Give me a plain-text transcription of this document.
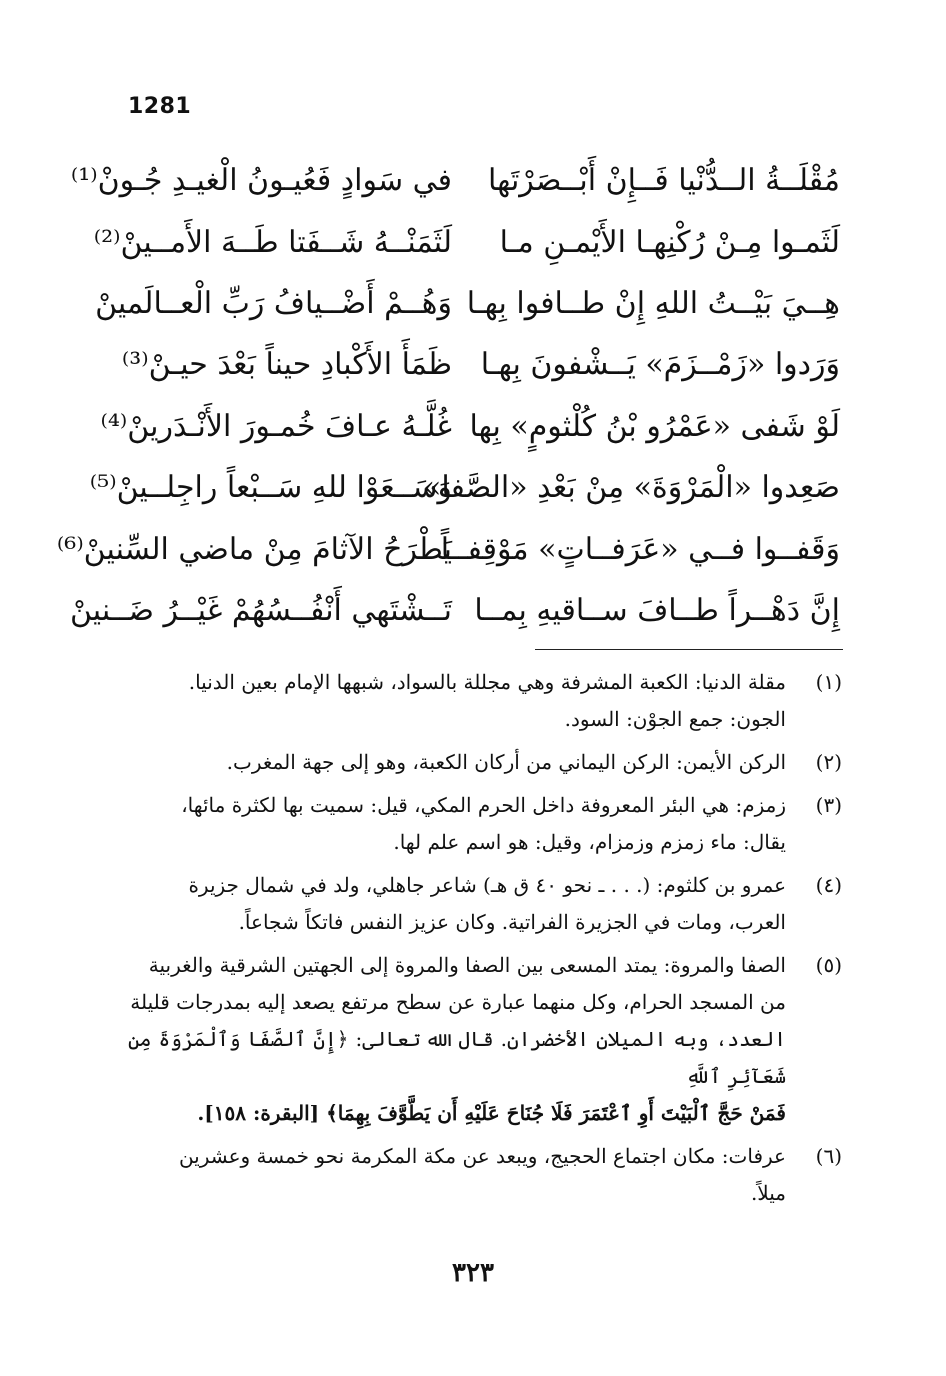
1281
مُقْلَــةُ الــدُّنْيا فَــإِنْ أَبْــصَرْتَها
في سَوادٍ فَعُيـونُ الْغيـدِ جُـونْ⁽¹⁾
لَثَمـوا مِـنْ رُكْنِهـا الأَيْمـنِ مـا
لَثَمَنْــهُ شَــفَتا طَــهَ الأَمــينْ⁽²⁾
هِــيَ بَيْــتُ اللهِ إِنْ طــافوا بِهـا
وَهُــمْ أَضْــيافُ رَبِّ الْعــالَمينْ
وَرَدوا «زَمْــزَمَ» يَــشْفونَ بِهـا
ظَمَأَ الأَكْبادِ حيناً بَعْدَ حيـنْ⁽³⁾
لَوْ شَفى «عَمْرُو بْنُ كُلْثومٍ» بِها
غُلَّـهُ عـافَ خُمـورَ الأَنْـدَرينْ⁽⁴⁾
صَعِدوا «الْمَرْوَةَ» مِنْ بَعْدِ «الصَّفا»
وَسَــعَوْا للهِ سَــبْعاً راجِلــينْ⁽⁵⁾
وَقَفــوا فــي «عَرَفــاتٍ» مَوْقِفــاً
يَطْرَحُ الآثامَ مِنْ ماضي السِّنينْ⁽⁶⁾
إِنَّ دَهْــراً طــافَ ســاقيهِ بِمــا
تَــشْتَهي أَنْفُــسُهُمْ غَيْــرُ ضَــنينْ
(١)
مقلة الدنيا: الكعبة المشرفة وهي مجللة بالسواد، شبهها الإمام بعين الدنيا.
الجون: جمع الجوْن: السود.
(٢)
الركن الأيمن: الركن اليماني من أركان الكعبة، وهو إلى جهة المغرب.
(٣)
زمزم: هي البئر المعروفة داخل الحرم المكي، قيل: سميت بها لكثرة مائها،
يقال: ماء زمزم وزمزام، وقيل: هو اسم علم لها.
(٤)
عمرو بن كلثوم: (. . . ـ نحو ٤٠ ق هـ) شاعر جاهلي، ولد في شمال جزيرة
العرب، ومات في الجزيرة الفراتية. وكان عزيز النفس فاتكاً شجاعاً.
(٥)
الصفا والمروة: يمتد المسعى بين الصفا والمروة إلى الجهتين الشرقية والغربية
من المسجد الحرام، وكل منهما عبارة عن سطح مرتفع يصعد إليه بمدرجات قليلة
العدد، وبه الميلان الأخضران. قال الله تعالى: ﴿إِنَّ ٱلصَّفَا وَٱلْمَرْوَةَ مِن شَعَآئِرِ ٱللَّهِ
فَمَنْ حَجَّ ٱلْبَيْتَ أَوِ ٱعْتَمَرَ فَلَا جُنَاحَ عَلَيْهِ أَن يَطَّوَّفَ بِهِمَا﴾ [البقرة: ١٥٨].
(٦)
عرفات: مكان اجتماع الحجيج، ويبعد عن مكة المكرمة نحو خمسة وعشرين
ميلاً.
٣٢٣
